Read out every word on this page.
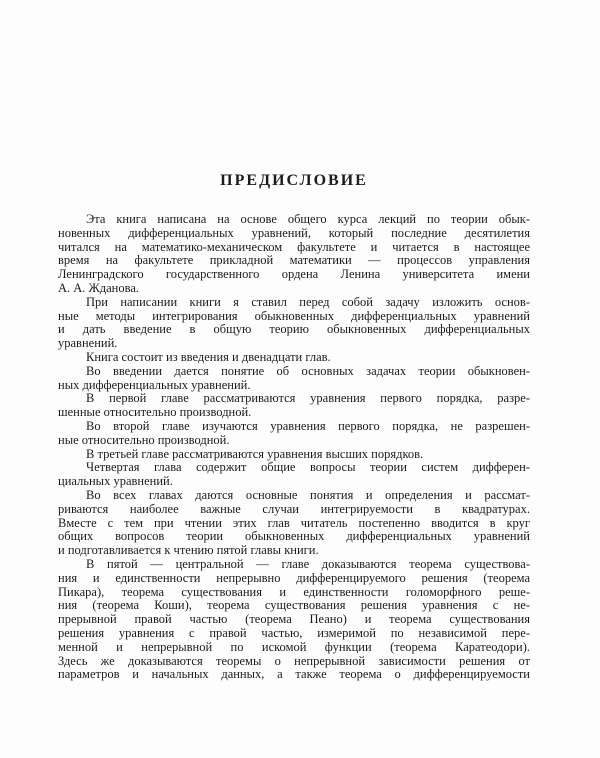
ПРЕДИСЛОВИЕ
Эта книга написана на основе общего курса лекций по теории обык-
новенных дифференциальных уравнений, который последние десятилетия
читался на математико-механическом факультете и читается в настоящее
время на факультете прикладной математики — процессов управления
Ленинградского государственного ордена Ленина университета имени
А. А. Жданова.
При написании книги я ставил перед собой задачу изложить основ-
ные методы интегрирования обыкновенных дифференциальных уравнений
и дать введение в общую теорию обыкновенных дифференциальных
уравнений.
Книга состоит из введения и двенадцати глав.
Во введении дается понятие об основных задачах теории обыкновен-
ных дифференциальных уравнений.
В первой главе рассматриваются уравнения первого порядка, разре-
шенные относительно производной.
Во второй главе изучаются уравнения первого порядка, не разрешен-
ные относительно производной.
В третьей главе рассматриваются уравнения высших порядков.
Четвертая глава содержит общие вопросы теории систем дифферен-
циальных уравнений.
Во всех главах даются основные понятия и определения и рассмат-
риваются наиболее важные случаи интегрируемости в квадратурах.
Вместе с тем при чтении этих глав читатель постепенно вводится в круг
общих вопросов теории обыкновенных дифференциальных уравнений
и подготавливается к чтению пятой главы книги.
В пятой — центральной — главе доказываются теорема существова-
ния и единственности непрерывно дифференцируемого решения (теорема
Пикара), теорема существования и единственности голоморфного реше-
ния (теорема Коши), теорема существования решения уравнения с не-
прерывной правой частью (теорема Пеано) и теорема существования
решения уравнения с правой частью, измеримой по независимой пере-
менной и непрерывной по искомой функции (теорема Каратеодори).
Здесь же доказываются теоремы о непрерывной зависимости решения от
параметров и начальных данных, а также теорема о дифференцируемости
